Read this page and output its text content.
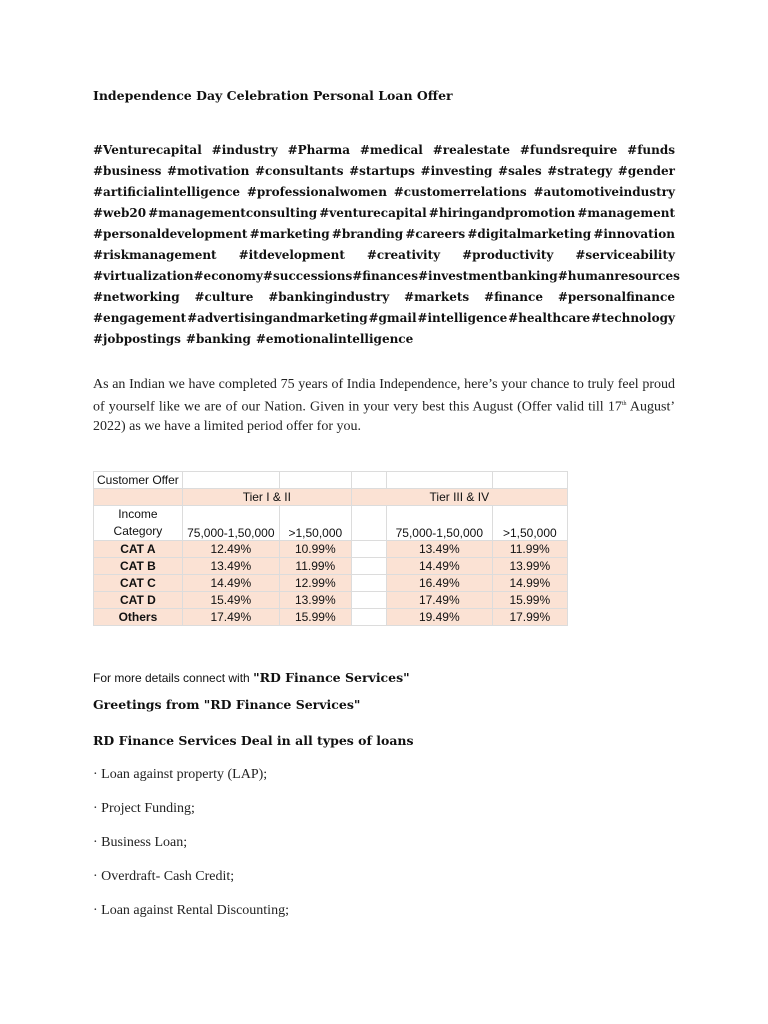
Independence Day Celebration Personal Loan Offer
#Venturecapital #industry #Pharma #medical #realestate #fundsrequire #funds
#business #motivation #consultants #startups #investing #sales #strategy #gender
#artificialintelligence #professionalwomen #customerrelations #automotiveindustry
#web20 #managementconsulting #venturecapital #hiringandpromotion #management
#personaldevelopment #marketing #branding #careers #digitalmarketing #innovation
#riskmanagement #itdevelopment #creativity #productivity #serviceability
#virtualization #economy #successions #finances #investmentbanking #humanresources
#networking #culture #bankingindustry #markets #finance #personalfinance
#engagement #advertisingandmarketing #gmail #intelligence #healthcare #technology
#jobpostings #banking #emotionalintelligence
As an Indian we have completed 75 years of India Independence, here’s your chance to truly feel proud of yourself like we are of our Nation. Given in your very best this August (Offer valid till 17th August’ 2022) as we have a limited period offer for you.
Customer Offer					
	Tier I & II		Tier III & IV		
Income
Category	75,000-1,50,000	>1,50,000		75,000-1,50,000	>1,50,000
CAT A	12.49%	10.99%		13.49%	11.99%
CAT B	13.49%	11.99%		14.49%	13.99%
CAT C	14.49%	12.99%		16.49%	14.99%
CAT D	15.49%	13.99%		17.49%	15.99%
Others	17.49%	15.99%		19.49%	17.99%
For more details connect with "RD Finance Services"
Greetings from "RD Finance Services"
RD Finance Services Deal in all types of loans
· Loan against property (LAP);
· Project Funding;
· Business Loan;
· Overdraft- Cash Credit;
· Loan against Rental Discounting;
